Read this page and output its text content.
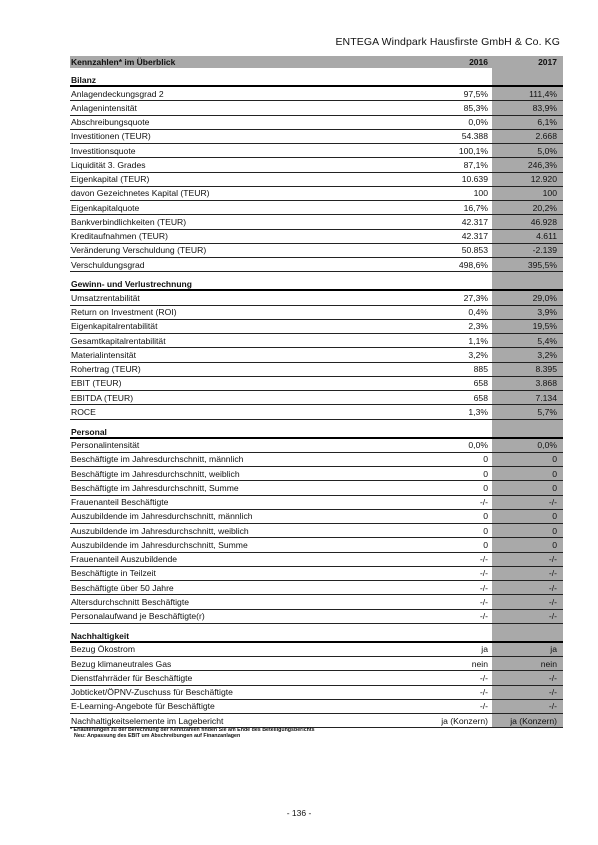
ENTEGA Windpark Hausfirste GmbH & Co. KG
Kennzahlen* im Überblick	2016	2017
Bilanz
Anlagendeckungsgrad 2	97,5%	111,4%
Anlagenintensität	85,3%	83,9%
Abschreibungsquote	0,0%	6,1%
Investitionen (TEUR)	54.388	2.668
Investitionsquote	100,1%	5,0%
Liquidität 3. Grades	87,1%	246,3%
Eigenkapital (TEUR)	10.639	12.920
davon Gezeichnetes Kapital (TEUR)	100	100
Eigenkapitalquote	16,7%	20,2%
Bankverbindlichkeiten (TEUR)	42.317	46.928
Kreditaufnahmen (TEUR)	42.317	4.611
Veränderung Verschuldung (TEUR)	50.853	-2.139
Verschuldungsgrad	498,6%	395,5%
Gewinn- und Verlustrechnung
Umsatzrentabilität	27,3%	29,0%
Return on Investment (ROI)	0,4%	3,9%
Eigenkapitalrentabilität	2,3%	19,5%
Gesamtkapitalrentabilität	1,1%	5,4%
Materialintensität	3,2%	3,2%
Rohertrag (TEUR)	885	8.395
EBIT (TEUR)	658	3.868
EBITDA (TEUR)	658	7.134
ROCE	1,3%	5,7%
Personal
Personalintensität	0,0%	0,0%
Beschäftigte im Jahresdurchschnitt, männlich	0	0
Beschäftigte im Jahresdurchschnitt, weiblich	0	0
Beschäftigte im Jahresdurchschnitt, Summe	0	0
Frauenanteil Beschäftigte	-/-	-/-
Auszubildende im Jahresdurchschnitt, männlich	0	0
Auszubildende im Jahresdurchschnitt, weiblich	0	0
Auszubildende im Jahresdurchschnitt, Summe	0	0
Frauenanteil Auszubildende	-/-	-/-
Beschäftigte in Teilzeit	-/-	-/-
Beschäftigte über 50 Jahre	-/-	-/-
Altersdurchschnitt Beschäftigte	-/-	-/-
Personalaufwand je Beschäftigte(r)	-/-	-/-
Nachhaltigkeit
Bezug Ökostrom	ja	ja
Bezug klimaneutrales Gas	nein	nein
Dienstfahrräder für Beschäftigte	-/-	-/-
Jobticket/ÖPNV-Zuschuss für Beschäftigte	-/-	-/-
E-Learning-Angebote für Beschäftigte	-/-	-/-
Nachhaltigkeitselemente im Lagebericht	ja (Konzern)	ja (Konzern)
* Erläuterungen zu der Berechnung der Kennzahlen finden Sie am Ende des Beteiligungsberichts
Neu: Anpassung des EBIT um Abschreibungen auf Finanzanlagen
- 136 -
